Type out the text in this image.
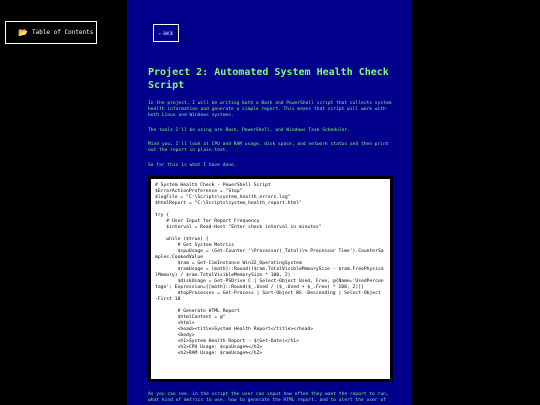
📂 Table of Contents	← BACK
Project 2: Automated System Health Check Script

In the project, I will be writing both a Bash and PowerShell script that collects system health information and generate a simple report. This means that script will work with both Linux and Windows systems.

The tools I'll be using are Bash, PowerShell, and Windows Task Scheduler.

Mind you, I'll look at CPU and RAM usage, disk space, and network status and then print out the report in plain-text.

So far this is what I have done.

# System Health Check - PowerShell Script
$ErrorActionPreference = "Stop"
$logFile = "C:\Scripts\system_health_errors.log"
$htmlReport = "C:\Scripts\system_health_report.html"

try {
# User Input for Report Frequency
$interval = Read-Host "Enter check interval in minutes"

while ($true) {
# Get System Metrics
$cpuUsage = (Get-Counter '\Processor(_Total)\% Processor Time').CounterSamples.CookedValue
$ram = Get-CimInstance Win32_OperatingSystem
$ramUsage = [math]::Round(($ram.TotalVisibleMemorySize - $ram.FreePhysicalMemory) / $ram.TotalVisibleMemorySize * 100, 2)
$diskUsage = Get-PSDrive C | Select-Object Used, Free, @{Name='UsedPercentage'; Expression={[math]::Round($_.Used / ($_.Used + $_.Free) * 100, 2)}}
$topProcesses = Get-Process | Sort-Object WS -Descending | Select-Object -First 10

# Generate HTML Report
$htmlContent = @"
<html>
<head><title>System Health Report</title></head>
<body>
<h1>System Health Report - $(Get-Date)</h1>
<h2>CPU Usage: $cpuUsage%</h2>
<h2>RAM Usage: $ramUsage%</h2>

As you can see, in the script the user can input how often they want the report to run, what kind of metrics to use, how to generate the HTML report, and to alert the user of
